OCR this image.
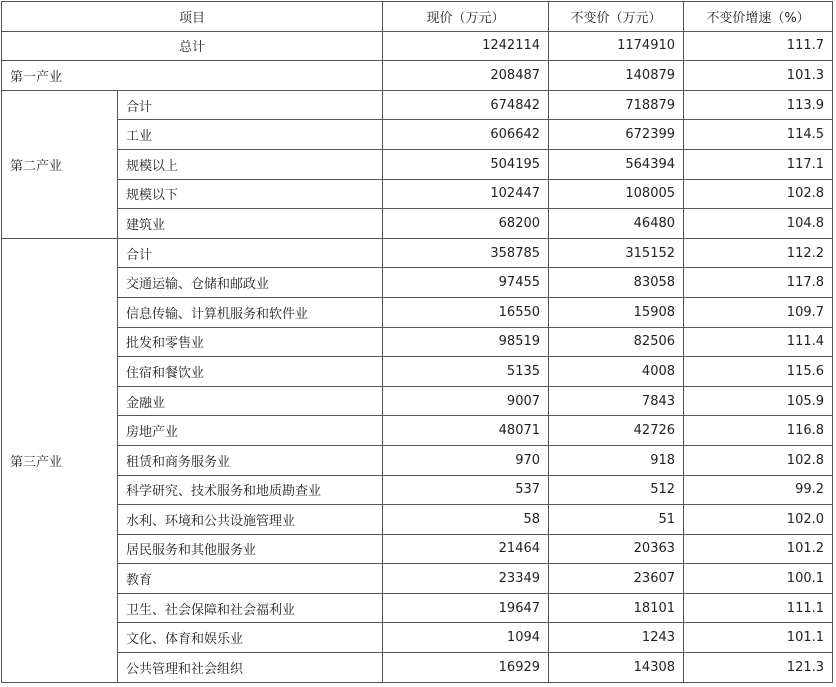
项目		现价（万元）	不变价（万元）	不变价增速（%）
总计		1242114	1174910	111.7
第一产业		208487	140879	101.3
第二产业	合计	674842	718879	113.9
	工业	606642	672399	114.5
	规模以上	504195	564394	117.1
	规模以下	102447	108005	102.8
	建筑业	68200	46480	104.8
第三产业	合计	358785	315152	112.2
	交通运输、仓储和邮政业	97455	83058	117.8
	信息传输、计算机服务和软件业	16550	15908	109.7
	批发和零售业	98519	82506	111.4
	住宿和餐饮业	5135	4008	115.6
	金融业	9007	7843	105.9
	房地产业	48071	42726	116.8
	租赁和商务服务业	970	918	102.8
	科学研究、技术服务和地质勘查业	537	512	99.2
	水利、环境和公共设施管理业	58	51	102.0
	居民服务和其他服务业	21464	20363	101.2
	教育	23349	23607	100.1
	卫生、社会保障和社会福利业	19647	18101	111.1
	文化、体育和娱乐业	1094	1243	101.1
	公共管理和社会组织	16929	14308	121.3
